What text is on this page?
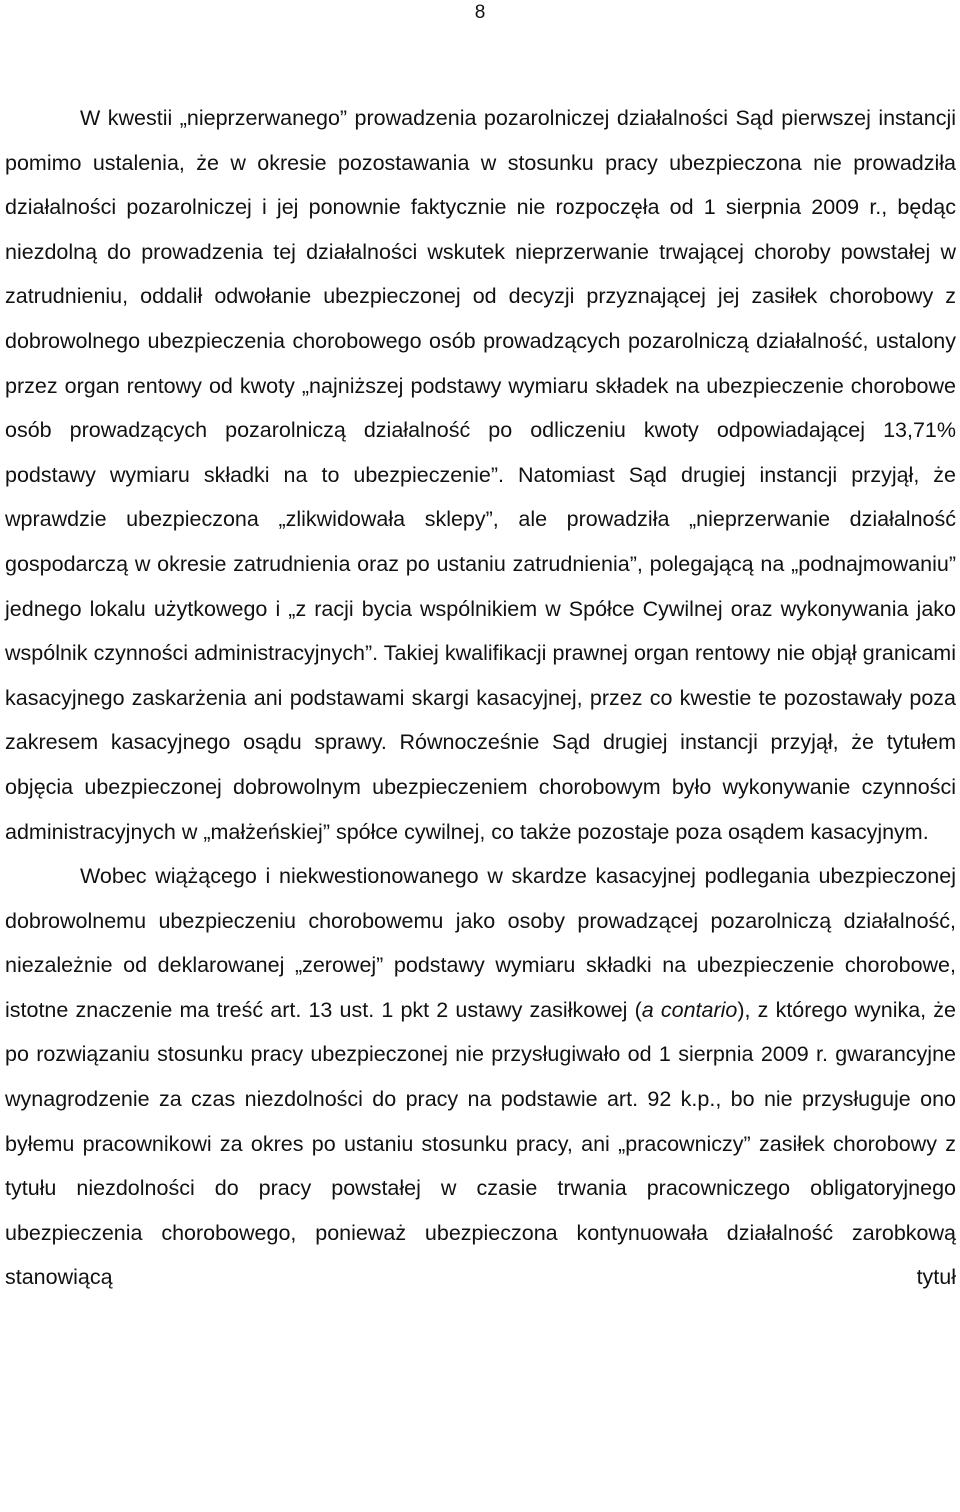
8

W kwestii „nieprzerwanego” prowadzenia pozarolniczej działalności Sąd pierwszej instancji pomimo ustalenia, że w okresie pozostawania w stosunku pracy ubezpieczona nie prowadziła działalności pozarolniczej i jej ponownie faktycznie nie rozpoczęła od 1 sierpnia 2009 r., będąc niezdolną do prowadzenia tej działalności wskutek nieprzerwanie trwającej choroby powstałej w zatrudnieniu, oddalił odwołanie ubezpieczonej od decyzji przyznającej jej zasiłek chorobowy z dobrowolnego ubezpieczenia chorobowego osób prowadzących pozarolniczą działalność, ustalony przez organ rentowy od kwoty „najniższej podstawy wymiaru składek na ubezpieczenie chorobowe osób prowadzących pozarolniczą działalność po odliczeniu kwoty odpowiadającej 13,71% podstawy wymiaru składki na to ubezpieczenie”. Natomiast Sąd drugiej instancji przyjął, że wprawdzie ubezpieczona „zlikwidowała sklepy”, ale prowadziła „nieprzerwanie działalność gospodarczą w okresie zatrudnienia oraz po ustaniu zatrudnienia”, polegającą na „podnajmowaniu” jednego lokalu użytkowego i „z racji bycia wspólnikiem w Spółce Cywilnej oraz wykonywania jako wspólnik czynności administracyjnych”. Takiej kwalifikacji prawnej organ rentowy nie objął granicami kasacyjnego zaskarżenia ani podstawami skargi kasacyjnej, przez co kwestie te pozostawały poza zakresem kasacyjnego osądu sprawy. Równocześnie Sąd drugiej instancji przyjął, że tytułem objęcia ubezpieczonej dobrowolnym ubezpieczeniem chorobowym było wykonywanie czynności administracyjnych w „małżeńskiej” spółce cywilnej, co także pozostaje poza osądem kasacyjnym.

Wobec wiążącego i niekwestionowanego w skardze kasacyjnej podlegania ubezpieczonej dobrowolnemu ubezpieczeniu chorobowemu jako osoby prowadzącej pozarolniczą działalność, niezależnie od deklarowanej „zerowej” podstawy wymiaru składki na ubezpieczenie chorobowe, istotne znaczenie ma treść art. 13 ust. 1 pkt 2 ustawy zasiłkowej (a contario), z którego wynika, że po rozwiązaniu stosunku pracy ubezpieczonej nie przysługiwało od 1 sierpnia 2009 r. gwarancyjne wynagrodzenie za czas niezdolności do pracy na podstawie art. 92 k.p., bo nie przysługuje ono byłemu pracownikowi za okres po ustaniu stosunku pracy, ani „pracowniczy” zasiłek chorobowy z tytułu niezdolności do pracy powstałej w czasie trwania pracowniczego obligatoryjnego ubezpieczenia chorobowego, ponieważ ubezpieczona kontynuowała działalność zarobkową stanowiącą tytuł
